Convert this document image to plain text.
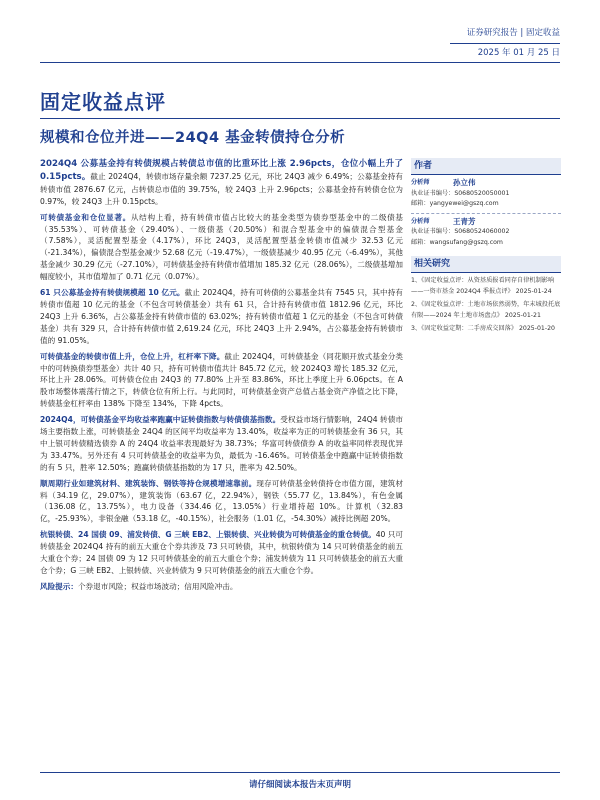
证券研究报告 | 固定收益
2025 年 01 月 25 日
固定收益点评
规模和仓位并进——24Q4 基金转债持仓分析

2024Q4 公募基金持有转债规模占转债总市值的比重环比上涨 2.96pcts，仓位小幅上升了 0.15pcts。截止 2024Q4，转债市场存量余额 7237.25 亿元，环比 24Q3 减少 6.49%；公募基金持有转债市值 2876.67 亿元，占转债总市值的 39.75%，较 24Q3 上升 2.96pcts；公募基金持有转债仓位为 0.97%，较 24Q3 上升 0.15pcts。

可转债基金和仓位显著。从结构上看，持有转债市值占比较大的基金类型为债券型基金中的二级债基（35.53%）、可转债基金（29.40%）、一级债基（20.50%）和混合型基金中的偏债混合型基金（7.58%），灵活配置型基金（4.17%），环比 24Q3，灵活配置型基金转债市值减少 32.53 亿元（-21.34%），偏债混合型基金减少 52.68 亿元（-19.47%），一级债基减少 40.95 亿元（-6.49%），其他基金减少 30.29 亿元（-27.10%），可转债基金持有转债市值增加 185.32 亿元（28.06%），二级债基增加幅度较小，其市值增加了 0.71 亿元（0.07%）。

61 只公募基金持有转债规模超 10 亿元。截止 2024Q4，持有可转债的公募基金共有 7545 只，其中持有转债市值超 10 亿元的基金（不包含可转债基金）共有 61 只，合计持有转债市值 1812.96 亿元，环比 24Q3 上升 6.36%，占公募基金持有转债市值的 63.02%；持有转债市值超 1 亿元的基金（不包含可转债基金）共有 329 只，合计持有转债市值 2,619.24 亿元，环比 24Q3 上升 2.94%，占公募基金持有转债市值的 91.05%。

可转债基金的转债市值上升，仓位上升，杠杆率下降。截止 2024Q4，可转债基金（同花顺开放式基金分类中的可转换债券型基金）共计 40 只，持有可转债市值共计 845.72 亿元，较 2024Q3 增长 185.32 亿元，环比上升 28.06%。可转债仓位由 24Q3 的 77.80% 上升至 83.86%，环比上季度上升 6.06pcts。在 A 股市场整体震荡行情之下，转债仓位有所上行。与此同时，可转债基金资产总值占基金资产净值之比下降，转债基金杠杆率由 138% 下降至 134%，下降 4pcts。

2024Q4，可转债基金平均收益率跑赢中证转债指数与转债债基指数。受权益市场行情影响，24Q4 转债市场主要指数上涨，可转债基金 24Q4 的区间平均收益率为 13.40%，收益率为正的可转债基金有 36 只，其中上银可转债精选债券 A 的 24Q4 收益率表现最好为 38.73%；华富可转债债券 A 的收益率同样表现优异为 33.47%。另外还有 4 只可转债基金的收益率为负，最低为 -16.46%。可转债基金中跑赢中证转债指数的有 5 只，胜率 12.50%；跑赢转债债基指数的为 17 只，胜率为 42.50%。

顺周期行业如建筑材料、建筑装饰、钢铁等持仓规模增速靠前。现存可转债基金转债持仓市值方面，建筑材料（34.19 亿，29.07%），建筑装饰（63.67 亿，22.94%），钢铁（55.77 亿，13.84%），有色金属（136.08 亿，13.75%），电力设备（334.46 亿，13.05%）行业增持超 10%。计算机（32.83 亿，-25.93%），非银金融（53.18 亿，-40.15%），社会服务（1.01 亿，-54.30%）减持比例超 20%。

杭银转债、24 国债 09、浦发转债、G 三峡 EB2、上银转债、兴业转债为可转债基金的重仓转债。40 只可转债基金 2024Q4 持有的前五大重仓个券共涉及 73 只可转债，其中，杭银转债为 14 只可转债基金的前五大重仓个券；24 国债 09 为 12 只可转债基金的前五大重仓个券；浦发转债为 11 只可转债基金的前五大重仓个券；G 三峡 EB2、上银转债、兴业转债为 9 只可转债基金的前五大重仓个券。

风险提示：个券退市风险；权益市场波动；信用风险冲击。

作者
分析师	孙立伟
执业证书编号：S0680520050001
邮箱：yangyewei@gszq.com
分析师	王青芳
执业证书编号：S0680524060002
邮箱：wangsufang@gszq.com
相关研究

1、《固定收益点评：从资基质报看同存自律机制影响——一资市基金 2024Q4 季报点评》 2025-01-24

2、《固定收益点评：土地市场依然弱势，年末城投托底有限——2024 年土地市场盘点》 2025-01-21

3、《固定收益定期：二手房成交回落》 2025-01-20

请仔细阅读本报告末页声明
